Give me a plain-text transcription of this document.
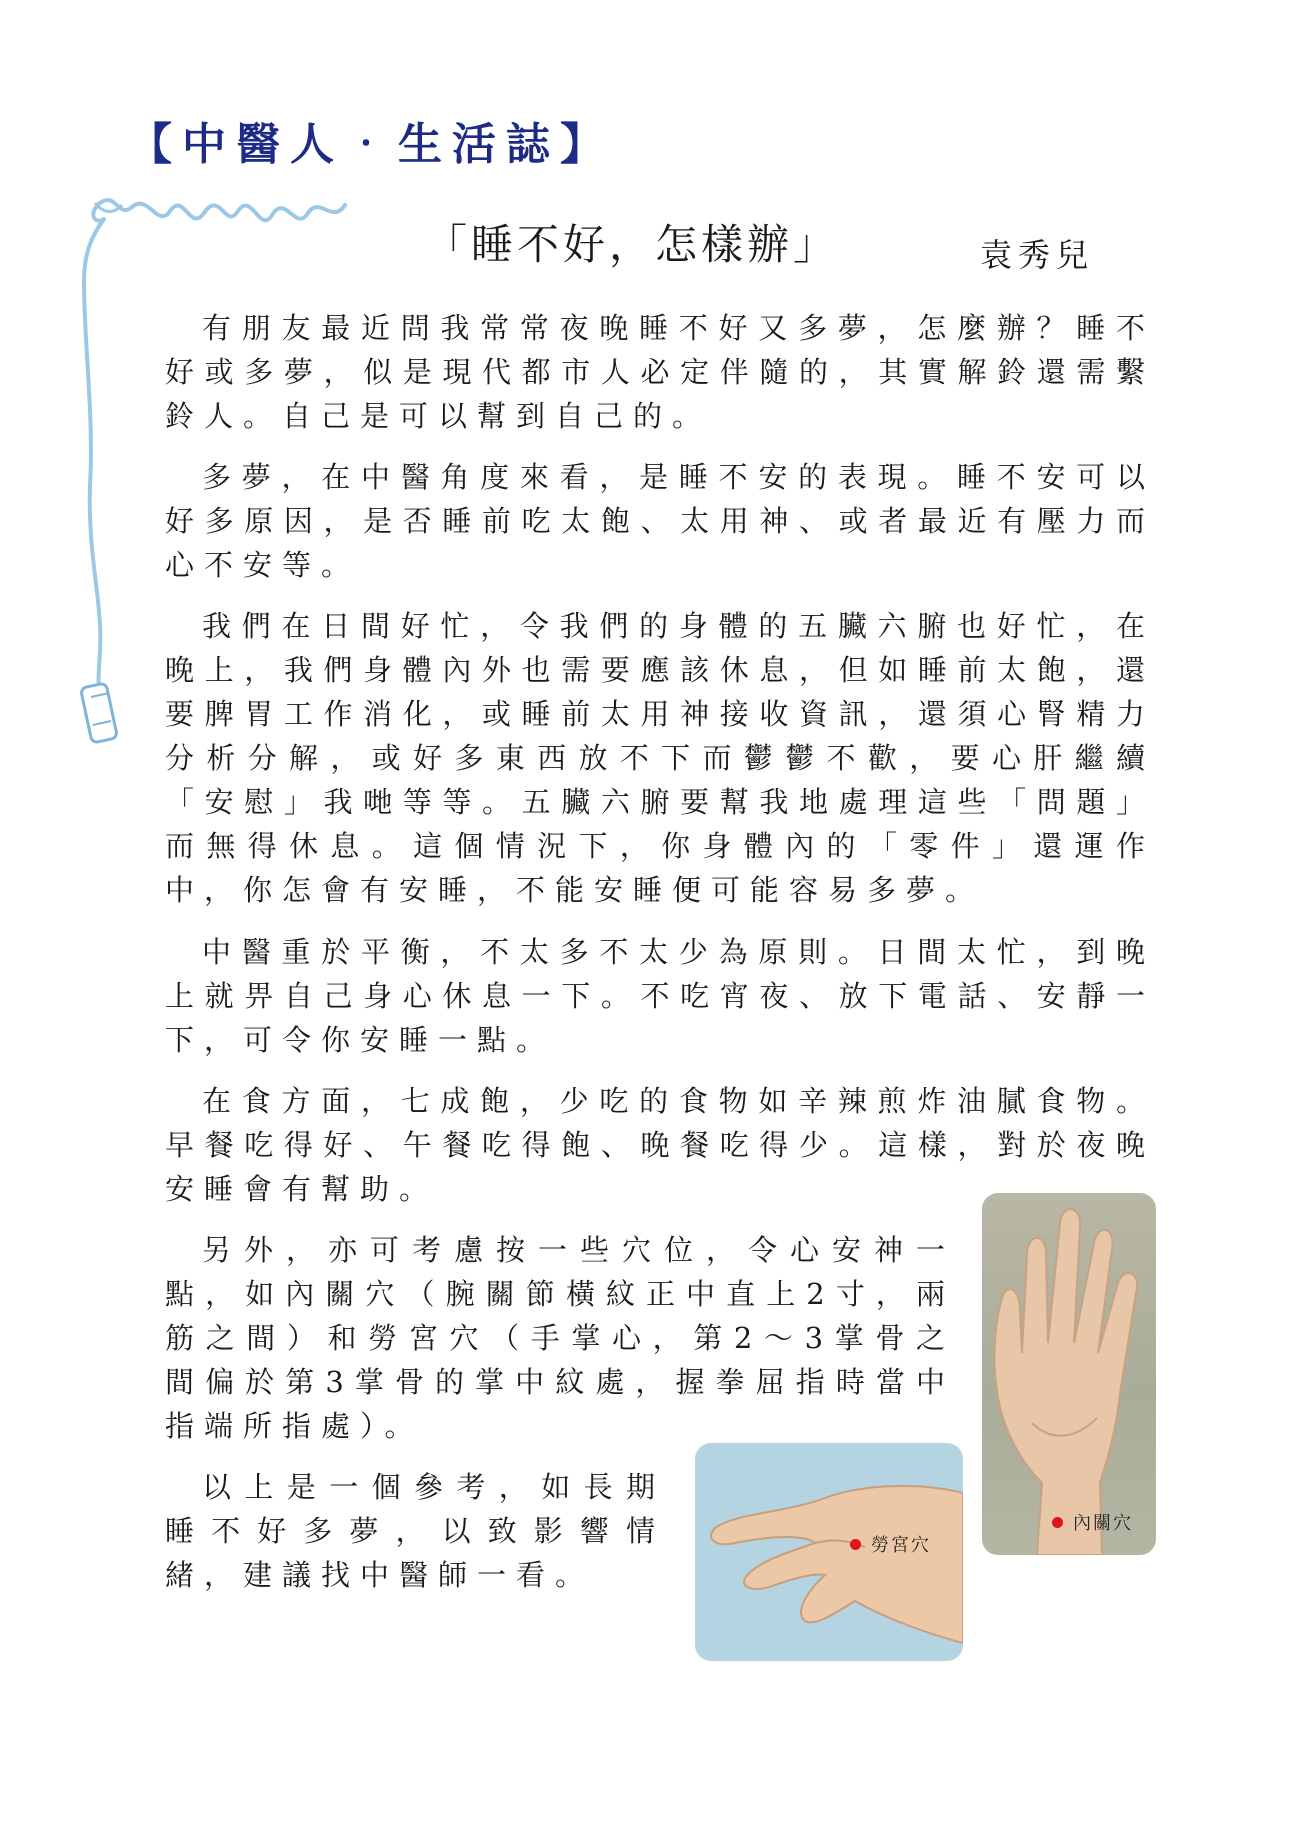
【中醫人‧生活誌】
「睡不好，怎樣辦」	袁秀兒

有朋友最近問我常常夜晚睡不好又多夢，怎麼辦？睡不好或多夢，似是現代都市人必定伴隨的，其實解鈴還需繫鈴人。自己是可以幫到自己的。

多夢，在中醫角度來看，是睡不安的表現。睡不安可以好多原因，是否睡前吃太飽、太用神、或者最近有壓力而心不安等。

我們在日間好忙，令我們的身體的五臟六腑也好忙，在晚上，我們身體內外也需要應該休息，但如睡前太飽，還要脾胃工作消化，或睡前太用神接收資訊，還須心腎精力分析分解，或好多東西放不下而鬱鬱不歡，要心肝繼續「安慰」我哋等等。五臟六腑要幫我地處理這些「問題」而無得休息。這個情況下，你身體內的「零件」還運作中，你怎會有安睡，不能安睡便可能容易多夢。

中醫重於平衡，不太多不太少為原則。日間太忙，到晚上就畀自己身心休息一下。不吃宵夜、放下電話、安靜一下，可令你安睡一點。

在食方面，七成飽，少吃的食物如辛辣煎炸油膩食物。早餐吃得好、午餐吃得飽、晚餐吃得少。這樣，對於夜晚安睡會有幫助。

另外，亦可考慮按一些穴位，令心安神一點，如內關穴（腕關節橫紋正中直上2寸，兩筋之間）和勞宮穴（手掌心，第2～3掌骨之間偏於第3掌骨的掌中紋處，握拳屈指時當中指端所指處）。

以上是一個參考，如長期睡不好多夢，以致影響情緒，建議找中醫師一看。

內關穴
勞宮穴
